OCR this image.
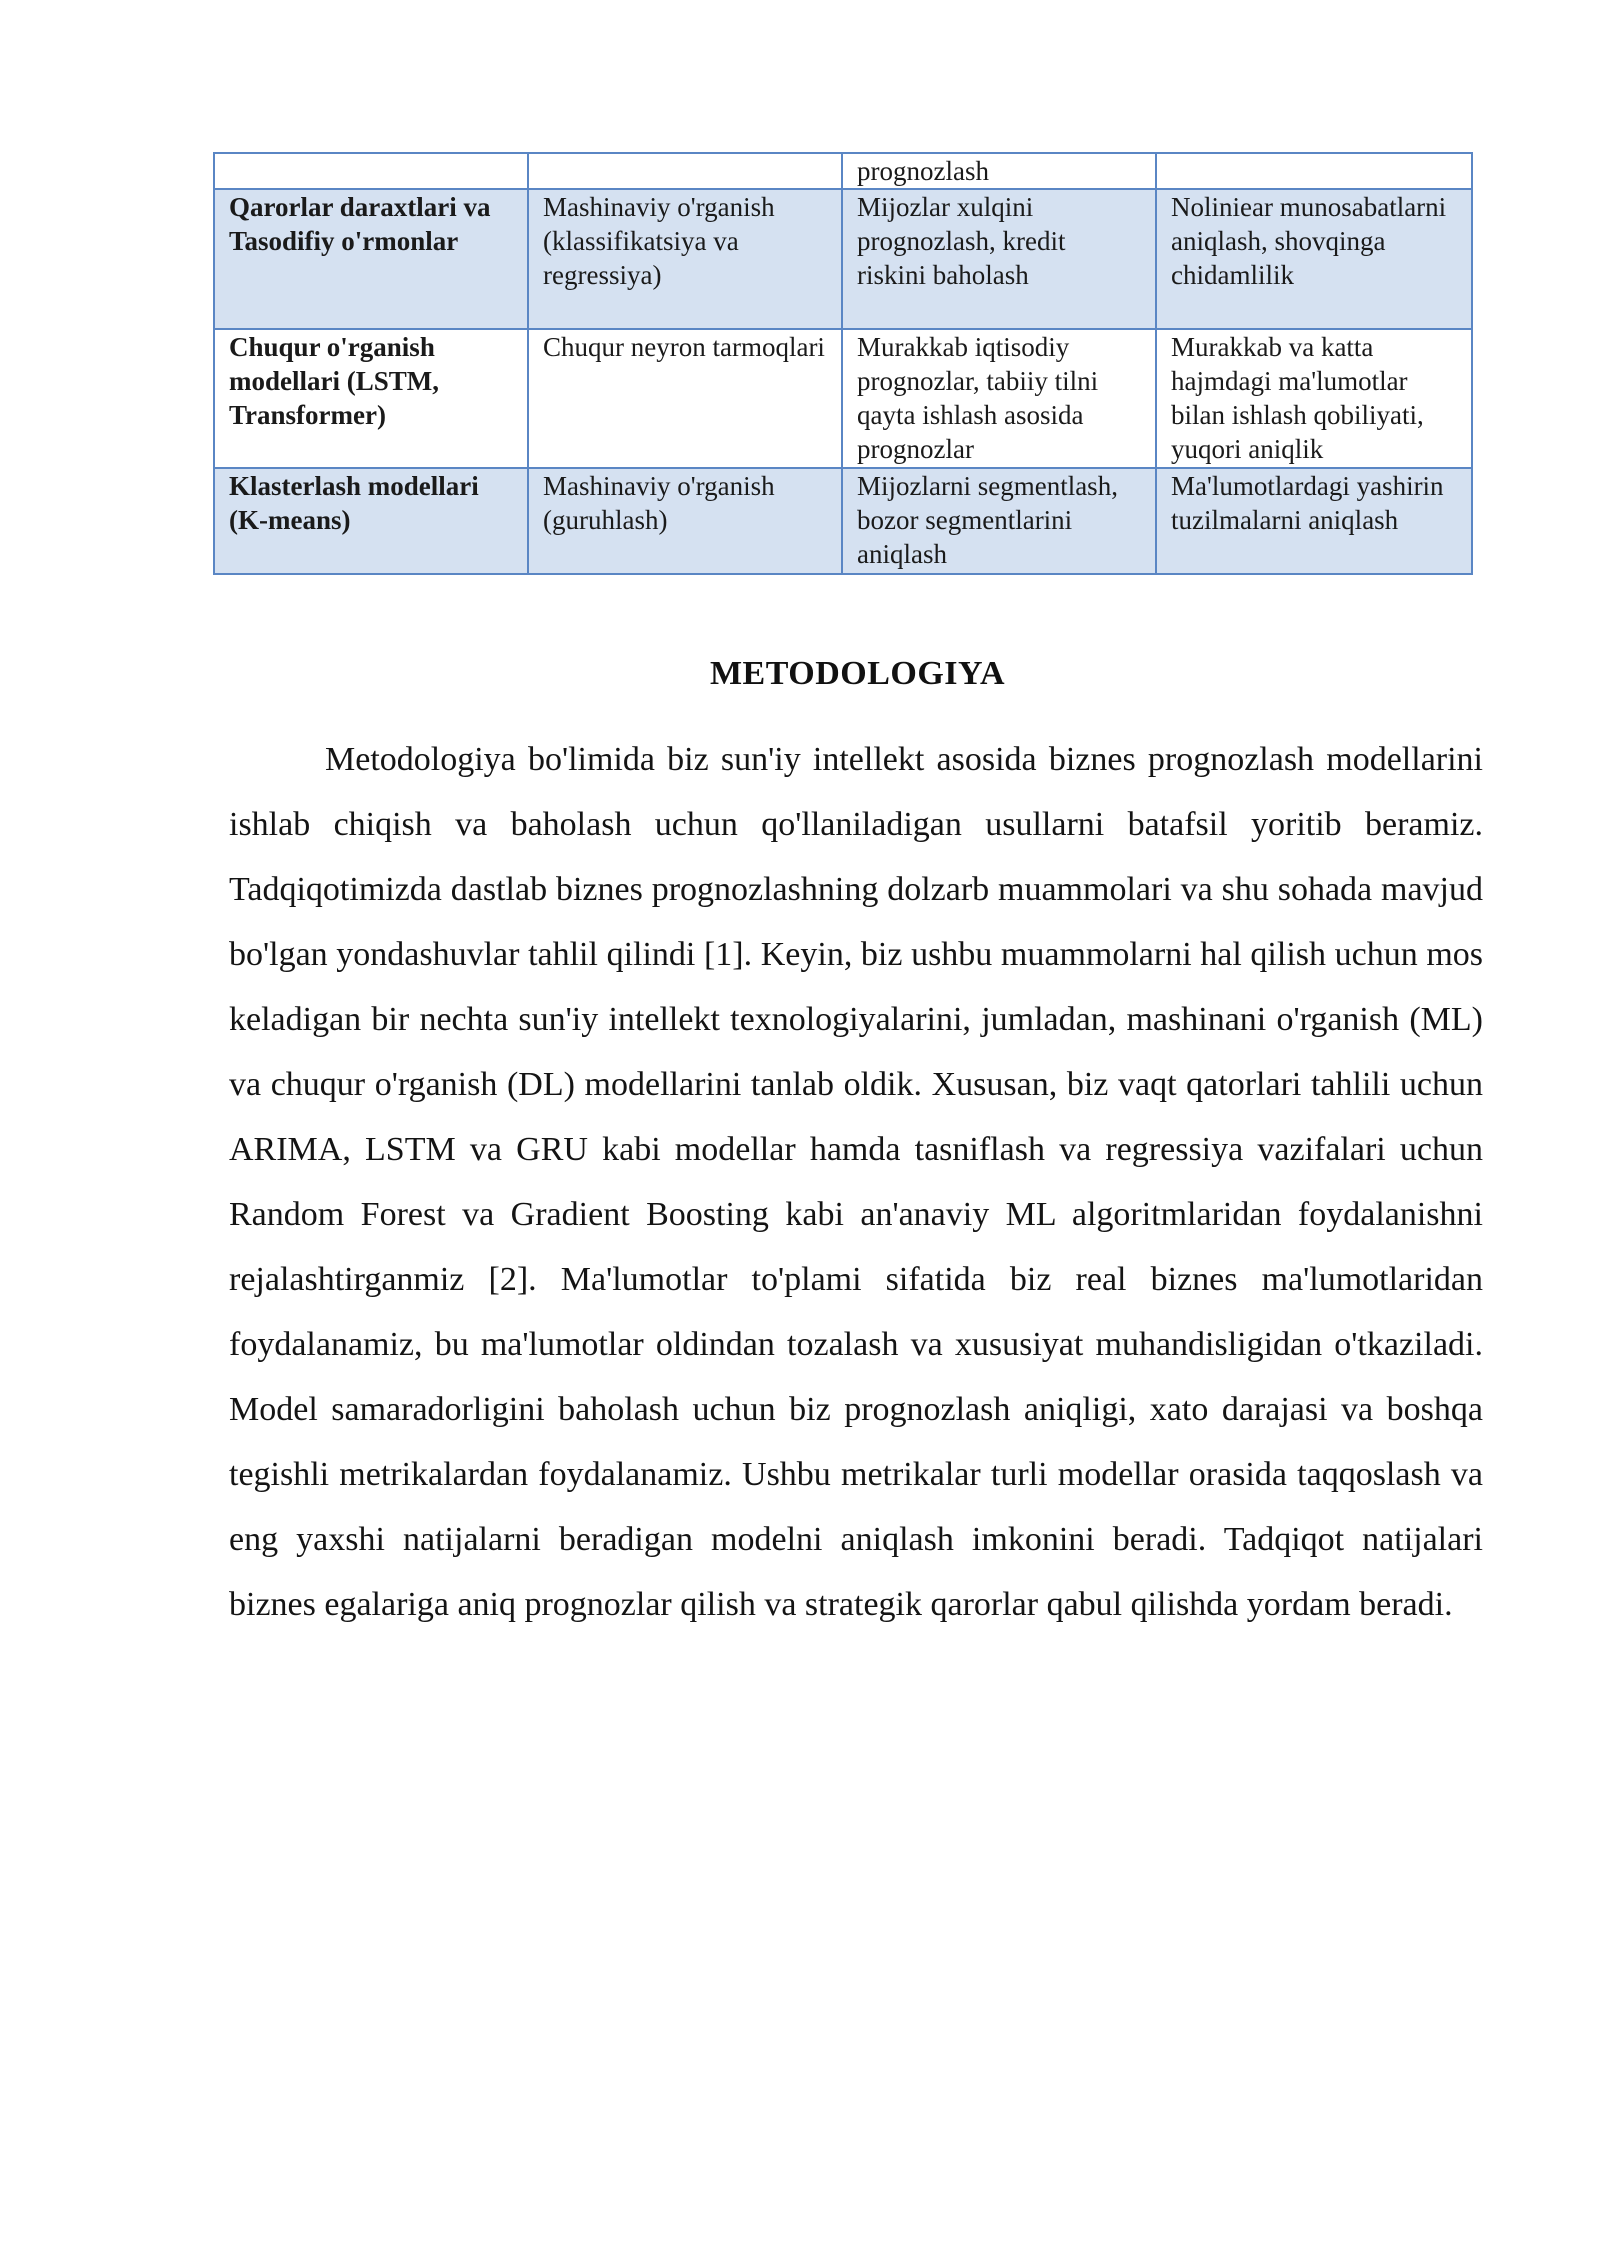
		prognozlash	
Qarorlar daraxtlari va Tasodifiy o'rmonlar	Mashinaviy o'rganish (klassifikatsiya va regressiya)	Mijozlar xulqini prognozlash, kredit riskini baholash	Noliniear munosabatlarni aniqlash, shovqinga chidamlilik
Chuqur o'rganish modellari (LSTM, Transformer)	Chuqur neyron tarmoqlari	Murakkab iqtisodiy prognozlar, tabiiy tilni qayta ishlash asosida prognozlar	Murakkab va katta hajmdagi ma'lumotlar bilan ishlash qobiliyati, yuqori aniqlik
Klasterlash modellari (K-means)	Mashinaviy o'rganish (guruhlash)	Mijozlarni segmentlash, bozor segmentlarini aniqlash	Ma'lumotlardagi yashirin tuzilmalarni aniqlash
METODOLOGIYA

Metodologiya bo'limida biz sun'iy intellekt asosida biznes prognozlash modellarini ishlab chiqish va baholash uchun qo'llaniladigan usullarni batafsil yoritib beramiz. Tadqiqotimizda dastlab biznes prognozlashning dolzarb muammolari va shu sohada mavjud bo'lgan yondashuvlar tahlil qilindi [1]. Keyin, biz ushbu muammolarni hal qilish uchun mos keladigan bir nechta sun'iy intellekt texnologiyalarini, jumladan, mashinani o'rganish (ML) va chuqur o'rganish (DL) modellarini tanlab oldik. Xususan, biz vaqt qatorlari tahlili uchun ARIMA, LSTM va GRU kabi modellar hamda tasniflash va regressiya vazifalari uchun Random Forest va Gradient Boosting kabi an'anaviy ML algoritmlaridan foydalanishni rejalashtirganmiz [2]. Ma'lumotlar to'plami sifatida biz real biznes ma'lumotlaridan foydalanamiz, bu ma'lumotlar oldindan tozalash va xususiyat muhandisligidan o'tkaziladi. Model samaradorligini baholash uchun biz prognozlash aniqligi, xato darajasi va boshqa tegishli metrikalardan foydalanamiz. Ushbu metrikalar turli modellar orasida taqqoslash va eng yaxshi natijalarni beradigan modelni aniqlash imkonini beradi. Tadqiqot natijalari biznes egalariga aniq prognozlar qilish va strategik qarorlar qabul qilishda yordam beradi.
